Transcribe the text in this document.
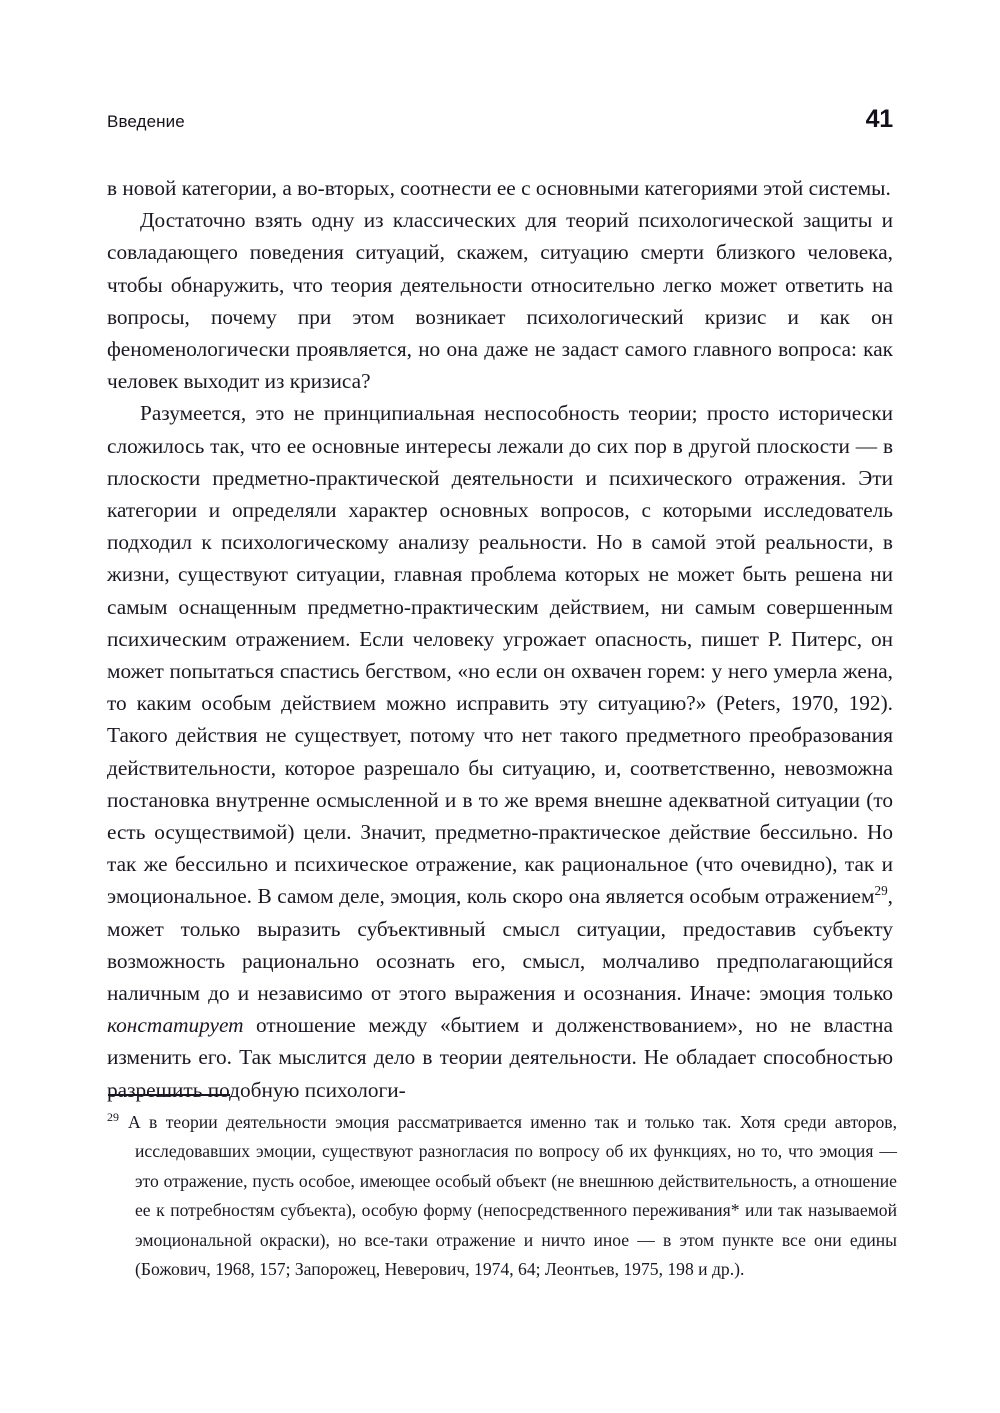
Введение	41

в новой категории, а во-вторых, соотнести ее с основными категориями этой системы.

Достаточно взять одну из классических для теорий психологической защиты и совладающего поведения ситуаций, скажем, ситуацию смерти близкого человека, чтобы обнаружить, что теория деятельности относительно легко может ответить на вопросы, почему при этом возникает психологический кризис и как он феноменологически проявляется, но она даже не задаст самого главного вопроса: как человек выходит из кризиса?

Разумеется, это не принципиальная неспособность теории; просто исторически сложилось так, что ее основные интересы лежали до сих пор в другой плоскости — в плоскости предметно-практической деятельности и психического отражения. Эти категории и определяли характер основных вопросов, с которыми исследователь подходил к психологическому анализу реальности. Но в самой этой реальности, в жизни, существуют ситуации, главная проблема которых не может быть решена ни самым оснащенным предметно-практическим действием, ни самым совершенным психическим отражением. Если человеку угрожает опасность, пишет Р. Питерс, он может попытаться спастись бегством, «но если он охвачен горем: у него умерла жена, то каким особым действием можно исправить эту ситуацию?» (Peters, 1970, 192). Такого действия не существует, потому что нет такого предметного преобразования действительности, которое разрешало бы ситуацию, и, соответственно, невозможна постановка внутренне осмысленной и в то же время внешне адекватной ситуации (то есть осуществимой) цели. Значит, предметно-практическое действие бессильно. Но так же бессильно и психическое отражение, как рациональное (что очевидно), так и эмоциональное. В самом деле, эмоция, коль скоро она является особым отражением$^{29}$, может только выразить субъективный смысл ситуации, предоставив субъекту возможность рационально осознать его, смысл, молчаливо предполагающийся наличным до и независимо от этого выражения и осознания. Иначе: эмоция только констатирует отношение между «бытием и долженствованием», но не властна изменить его. Так мыслится дело в теории деятельности. Не обладает способностью разрешить подобную психологи-

$^{29}$ А в теории деятельности эмоция рассматривается именно так и только так. Хотя среди авторов, исследовавших эмоции, существуют разногласия по вопросу об их функциях, но то, что эмоция — это отражение, пусть особое, имеющее особый объект (не внешнюю действительность, а отношение ее к потребностям субъекта), особую форму (непосредственного переживания* или так называемой эмоциональной окраски), но все-таки отражение и ничто иное — в этом пункте все они едины (Божович, 1968, 157; Запорожец, Неверович, 1974, 64; Леонтьев, 1975, 198 и др.).
